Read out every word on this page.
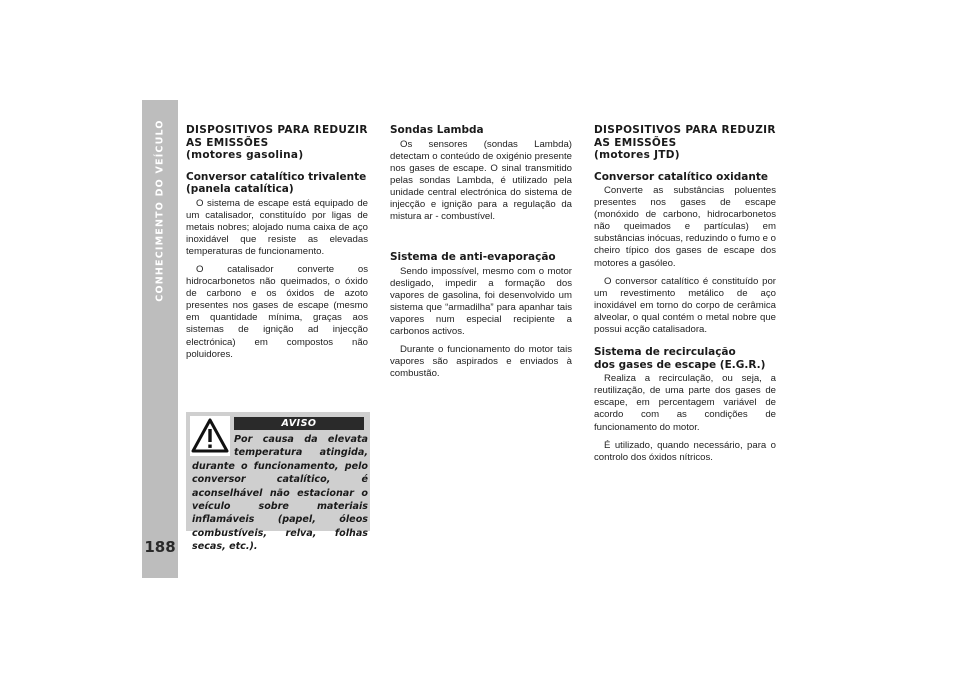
CONHECIMENTO DO VEÍCULO
188
DISPOSITIVOS PARA REDUZIR
AS EMISSÕES
(motores gasolina)
Conversor catalítico trivalente
(panela catalítica)

O sistema de escape está equipado de um catalisador, constituído por ligas de metais nobres; alojado numa caixa de aço inoxidável que resiste as elevadas temperaturas de funcionamento.

O catalisador converte os hidrocarbonetos não queimados, o óxido de carbono e os óxidos de azoto presentes nos gases de escape (mesmo em quantidade mínima, graças aos sistemas de ignição ad injecção electrónica) em compostos não poluidores.

AVISO

Por causa da elevata temperatura atingida, durante o funcionamento, pelo conversor catalítico, é aconselhável não estacionar o veículo sobre materiais inflamáveis (papel, óleos combustíveis, relva, folhas secas, etc.).

Sondas Lambda

Os sensores (sondas Lambda) detectam o conteúdo de oxigénio presente nos gases de escape. O sinal transmitido pelas sondas Lambda, é utilizado pela unidade central electrónica do sistema de injecção e ignição para a regulação da mistura ar - combustível.

Sistema de anti-evaporação

Sendo impossível, mesmo com o motor desligado, impedir a formação dos vapores de gasolina, foi desenvolvido um sistema que “armadilha” para apanhar tais vapores num especial recipiente a carbonos activos.

Durante o funcionamento do motor tais vapores são aspirados e enviados à combustão.

DISPOSITIVOS PARA REDUZIR
AS EMISSÕES
(motores JTD)
Conversor catalítico oxidante

Converte as substâncias poluentes presentes nos gases de escape (monóxido de carbono, hidrocarbonetos não queimados e partículas) em substâncias inócuas, reduzindo o fumo e o cheiro típico dos gases de escape dos motores a gasóleo.

O conversor catalítico é constituído por um revestimento metálico de aço inoxidável em torno do corpo de cerâmica alveolar, o qual contém o metal nobre que possui acção catalisadora.

Sistema de recirculação
dos gases de escape (E.G.R.)

Realiza a recirculação, ou seja, a reutilização, de uma parte dos gases de escape, em percentagem variável de acordo com as condições de funcionamento do motor.

É utilizado, quando necessário, para o controlo dos óxidos nítricos.
